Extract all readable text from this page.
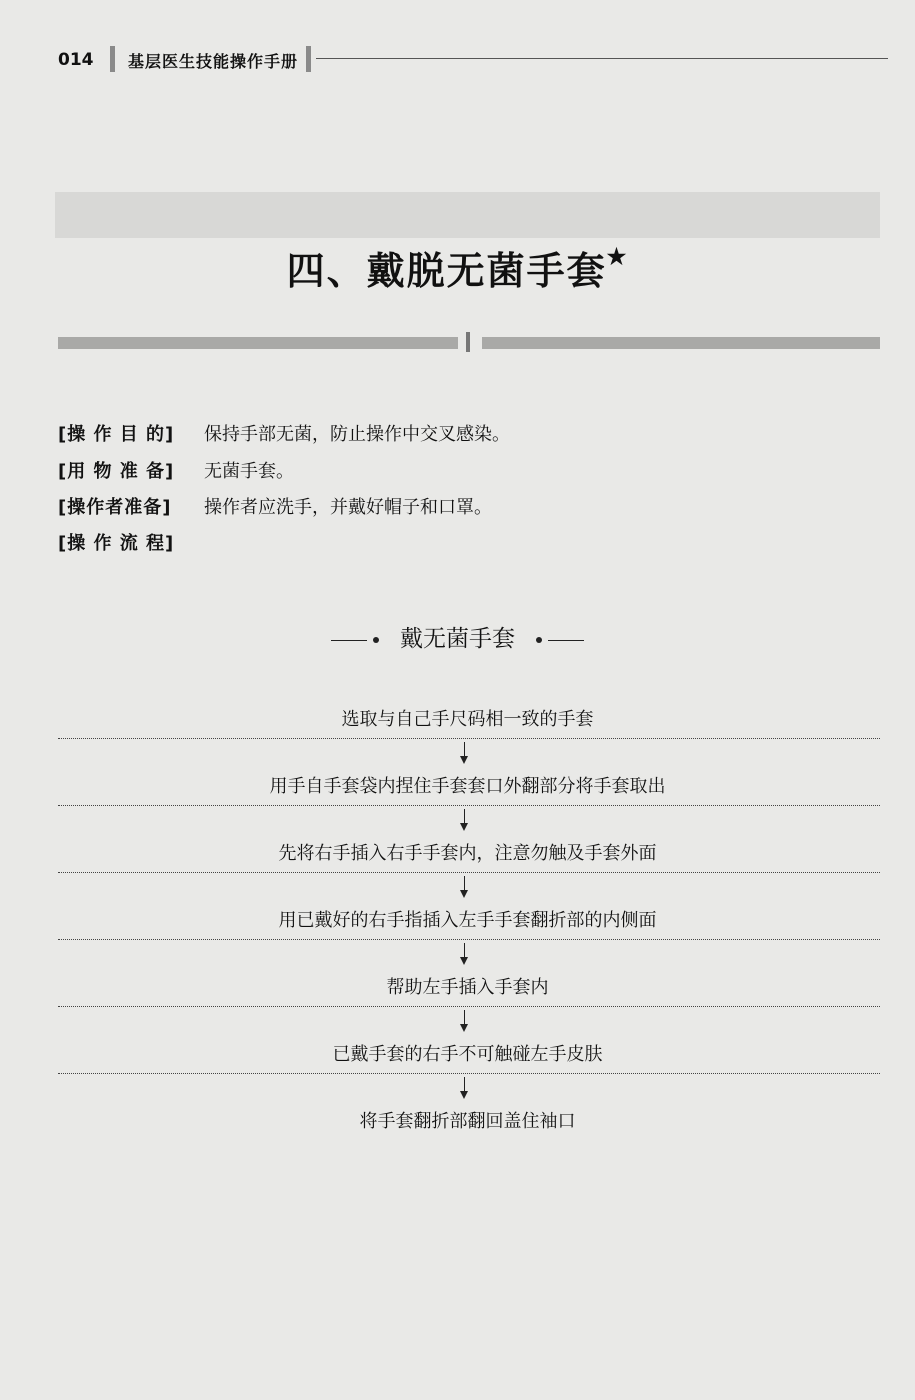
014 基层医生技能操作手册
四、戴脱无菌手套★
[操 作 目 的] 保持手部无菌，防止操作中交叉感染。
[用 物 准 备] 无菌手套。
[操作者准备] 操作者应洗手，并戴好帽子和口罩。
[操 作 流 程]
戴无菌手套
选取与自己手尺码相一致的手套
用手自手套袋内捏住手套套口外翻部分将手套取出
先将右手插入右手手套内，注意勿触及手套外面
用已戴好的右手指插入左手手套翻折部的内侧面
帮助左手插入手套内
已戴手套的右手不可触碰左手皮肤
将手套翻折部翻回盖住袖口
